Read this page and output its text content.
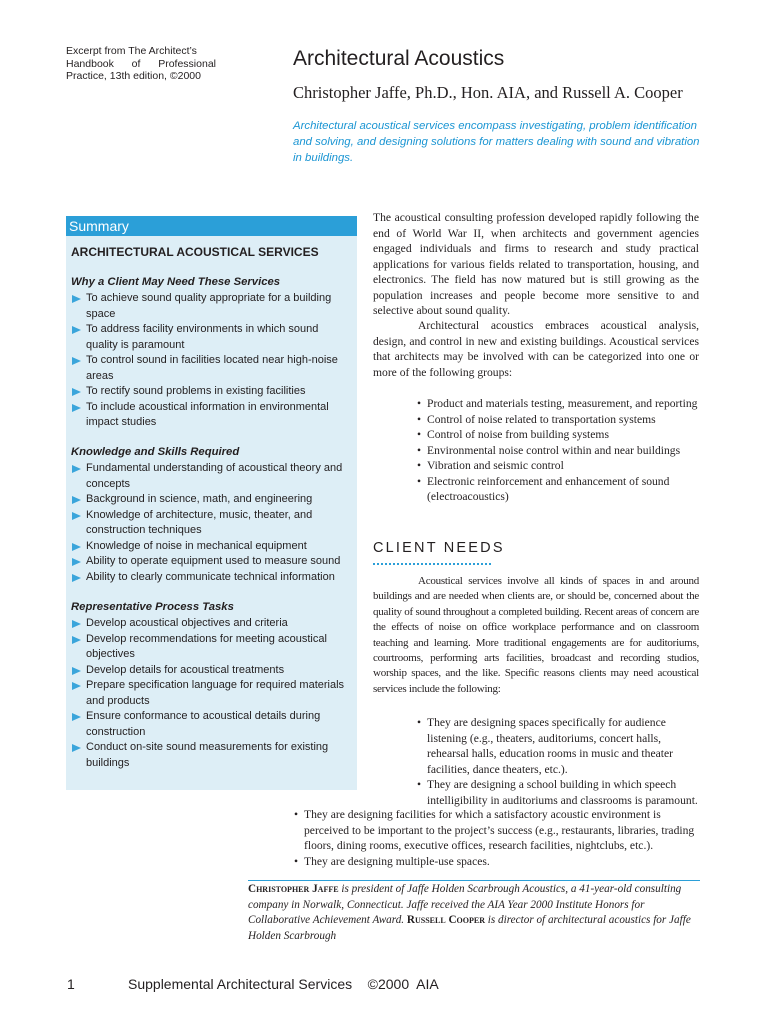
Excerpt from The Architect’s
Handbook of Professional
Practice, 13th edition, ©2000
Architectural Acoustics
Christopher Jaffe, Ph.D., Hon. AIA, and Russell A. Cooper
Architectural acoustical services encompass investigating, problem identification and solving, and designing solutions for matters dealing with sound and vibration in buildings.
Summary
ARCHITECTURAL ACOUSTICAL SERVICES
Why a Client May Need These Services
To achieve sound quality appropriate for a building space
To address facility environments in which sound quality is paramount
To control sound in facilities located near high-noise areas
To rectify sound problems in existing facilities
To include acoustical information in environmental impact studies
Knowledge and Skills Required
Fundamental understanding of acoustical theory and concepts
Background in science, math, and engineering
Knowledge of architecture, music, theater, and construction techniques
Knowledge of noise in mechanical equipment
Ability to operate equipment used to measure sound
Ability to clearly communicate technical information
Representative Process Tasks
Develop acoustical objectives and criteria
Develop recommendations for meeting acoustical objectives
Develop details for acoustical treatments
Prepare specification language for required materials and products
Ensure conformance to acoustical details during construction
Conduct on-site sound measurements for existing buildings
The acoustical consulting profession developed rapidly following the end of World War II, when architects and government agencies engaged individuals and firms to research and study practical applications for various fields related to transportation, housing, and electronics. The field has now matured but is still growing as the population increases and people become more sensitive to and selective about sound quality.
Architectural acoustics embraces acoustical analysis, design, and control in new and existing buildings. Acoustical services that architects may be involved with can be categorized into one or more of the following groups:
• Product and materials testing, measurement, and reporting
• Control of noise related to transportation systems
• Control of noise from building systems
• Environmental noise control within and near buildings
• Vibration and seismic control
• Electronic reinforcement and enhancement of sound (electroacoustics)
CLIENT NEEDS
Acoustical services involve all kinds of spaces in and around buildings and are needed when clients are, or should be, concerned about the quality of sound throughout a completed building. Recent areas of concern are the effects of noise on office workplace performance and on classroom teaching and learning. More traditional engagements are for auditoriums, courtrooms, performing arts facilities, broadcast and recording studios, worship spaces, and the like. Specific reasons clients may need acoustical services include the following:
• They are designing spaces specifically for audience listening (e.g., theaters, auditoriums, concert halls, rehearsal halls, education rooms in music and theater facilities, dance theaters, etc.).
• They are designing a school building in which speech intelligibility in auditoriums and classrooms is paramount.
• They are designing facilities for which a satisfactory acoustic environment is perceived to be important to the project’s success (e.g., restaurants, libraries, trading floors, dining rooms, executive offices, research facilities, nightclubs, etc.).
• They are designing multiple-use spaces.
Christopher Jaffe is president of Jaffe Holden Scarbrough Acoustics, a 41-year-old consulting company in Norwalk, Connecticut. Jaffe received the AIA Year 2000 Institute Honors for Collaborative Achievement Award. Russell Cooper is director of architectural acoustics for Jaffe Holden Scarbrough
1	Supplemental Architectural Services    ©2000  AIA
